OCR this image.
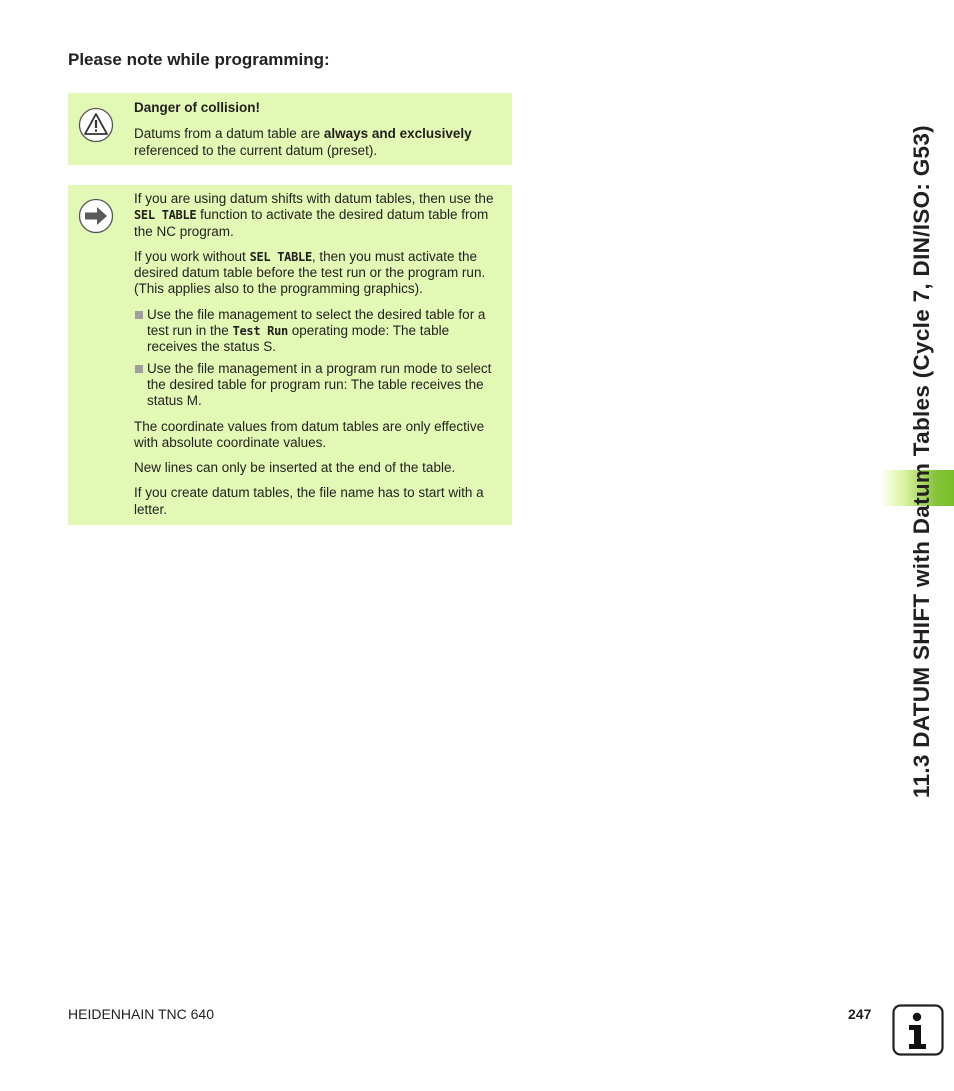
Please note while programming:

Danger of collision!

Datums from a datum table are always and exclusively referenced to the current datum (preset).

If you are using datum shifts with datum tables, then use the SEL TABLE function to activate the desired datum table from the NC program.

If you work without SEL TABLE, then you must activate the desired datum table before the test run or the program run. (This applies also to the programming graphics).

Use the file management to select the desired table for a test run in the Test Run operating mode: The table receives the status S.
Use the file management in a program run mode to select the desired table for program run: The table receives the status M.

The coordinate values from datum tables are only effective with absolute coordinate values.

New lines can only be inserted at the end of the table.

If you create datum tables, the file name has to start with a letter.	11.3 DATUM SHIFT with Datum Tables (Cycle 7, DIN/ISO: G53)
HEIDENHAIN TNC 640	247
